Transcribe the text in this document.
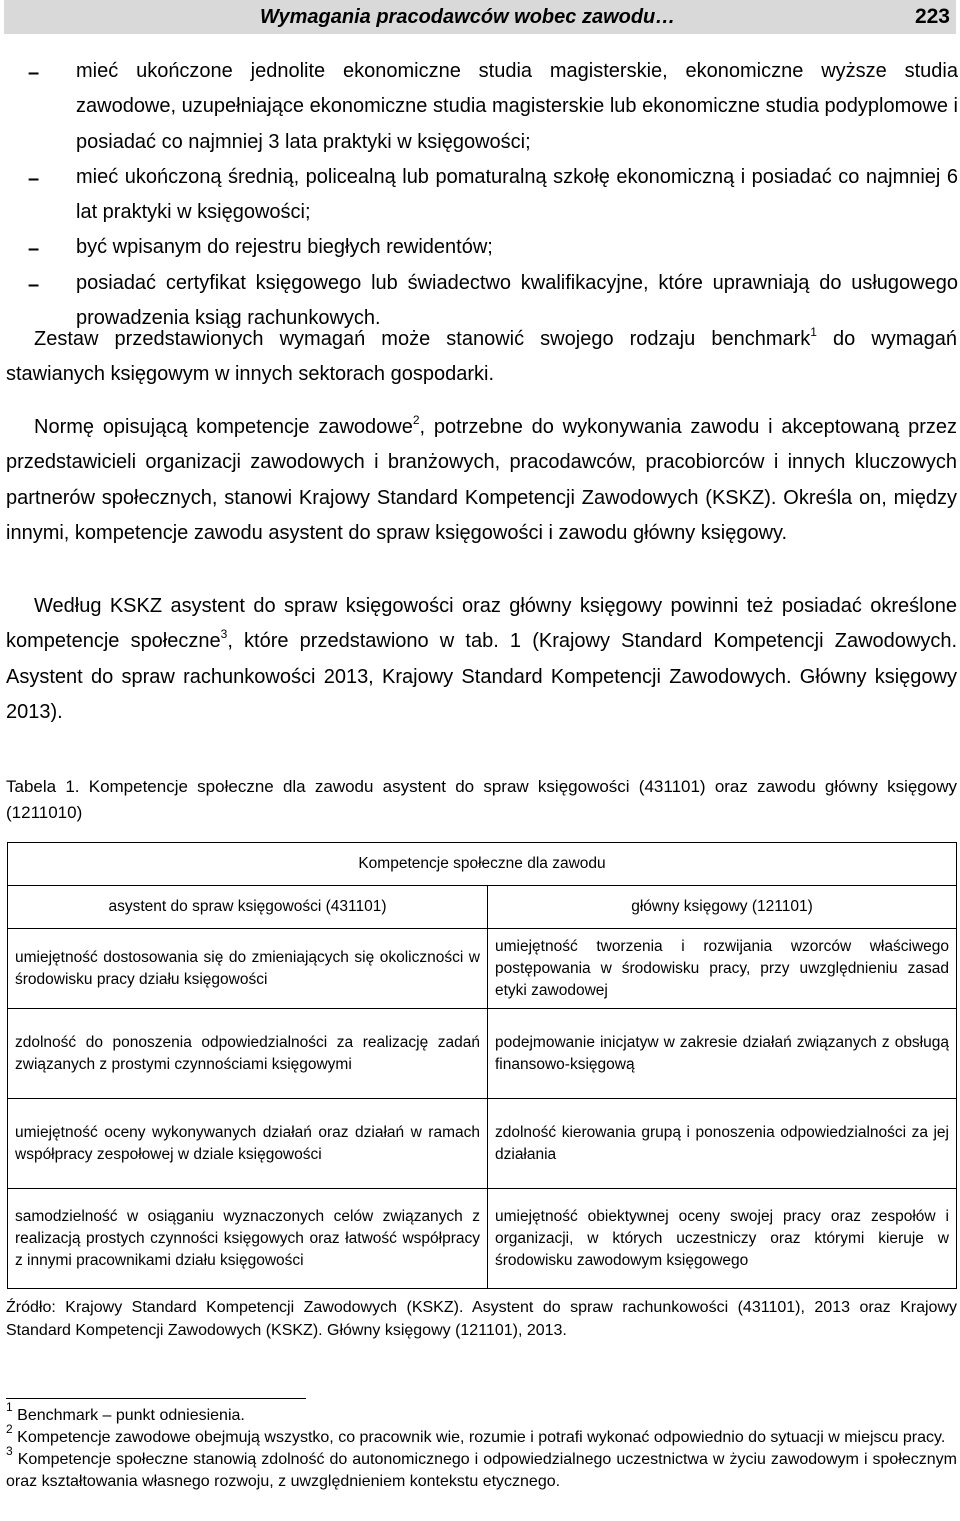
Wymagania pracodawców wobec zawodu…	223
– mieć ukończone jednolite ekonomiczne studia magisterskie, ekonomiczne wyższe studia zawodowe, uzupełniające ekonomiczne studia magisterskie lub ekonomiczne studia podyplomowe i posiadać co najmniej 3 lata praktyki w księgowości;
– mieć ukończoną średnią, policealną lub pomaturalną szkołę ekonomiczną i posiadać co najmniej 6 lat praktyki w księgowości;
– być wpisanym do rejestru biegłych rewidentów;
– posiadać certyfikat księgowego lub świadectwo kwalifikacyjne, które uprawniają do usługowego prowadzenia ksiąg rachunkowych.

Zestaw przedstawionych wymagań może stanowić swojego rodzaju benchmark$^1$ do wymagań stawianych księgowym w innych sektorach gospodarki.

Normę opisującą kompetencje zawodowe$^2$, potrzebne do wykonywania zawodu i akceptowaną przez przedstawicieli organizacji zawodowych i branżowych, pracodawców, pracobiorców i innych kluczowych partnerów społecznych, stanowi Krajowy Standard Kompetencji Zawodowych (KSKZ). Określa on, między innymi, kompetencje zawodu asystent do spraw księgowości i zawodu główny księgowy.

Według KSKZ asystent do spraw księgowości oraz główny księgowy powinni też posiadać określone kompetencje społeczne$^3$, które przedstawiono w tab. 1 (Krajowy Standard Kompetencji Zawodowych. Asystent do spraw rachunkowości 2013, Krajowy Standard Kompetencji Zawodowych. Główny księgowy 2013).

Tabela 1. Kompetencje społeczne dla zawodu asystent do spraw księgowości (431101) oraz zawodu główny księgowy (1211010)

Kompetencje społeczne dla zawodu	
asystent do spraw księgowości (431101)	główny księgowy (121101)
umiejętność dostosowania się do zmieniających się okoliczności w środowisku pracy działu księgowości	umiejętność tworzenia i rozwijania wzorców właściwego postępowania w środowisku pracy, przy uwzględnieniu zasad etyki zawodowej
zdolność do ponoszenia odpowiedzialności za realizację zadań związanych z prostymi czynnościami księgowymi	podejmowanie inicjatyw w zakresie działań związanych z obsługą finansowo-księgową
umiejętność oceny wykonywanych działań oraz działań w ramach współpracy zespołowej w dziale księgowości	zdolność kierowania grupą i ponoszenia odpowiedzialności za jej działania
samodzielność w osiąganiu wyznaczonych celów związanych z realizacją prostych czynności księgowych oraz łatwość współpracy z innymi pracownikami działu księgowości	umiejętność obiektywnej oceny swojej pracy oraz zespołów i organizacji, w których uczestniczy oraz którymi kieruje w środowisku zawodowym księgowego

Źródło: Krajowy Standard Kompetencji Zawodowych (KSKZ). Asystent do spraw rachunkowości (431101), 2013 oraz Krajowy Standard Kompetencji Zawodowych (KSKZ). Główny księgowy (121101), 2013.

$^1$ Benchmark – punkt odniesienia.

$^2$ Kompetencje zawodowe obejmują wszystko, co pracownik wie, rozumie i potrafi wykonać odpowiednio do sytuacji w miejscu pracy.

$^3$ Kompetencje społeczne stanowią zdolność do autonomicznego i odpowiedzialnego uczestnictwa w życiu zawodowym i społecznym oraz kształtowania własnego rozwoju, z uwzględnieniem kontekstu etycznego.
